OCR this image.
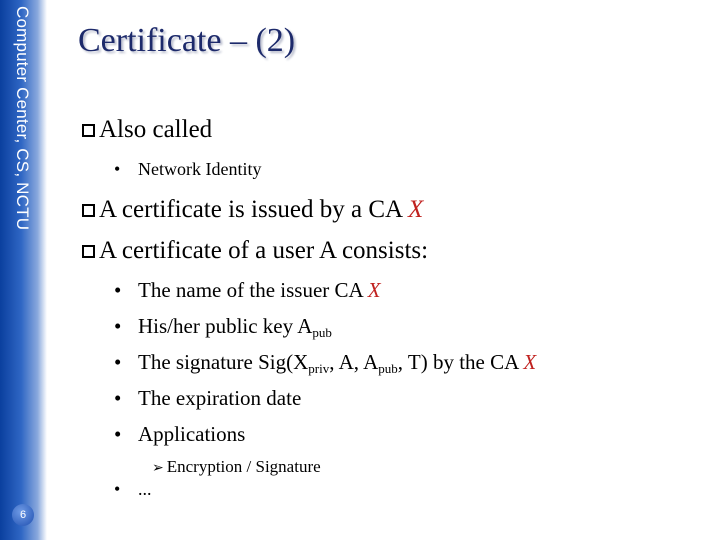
Computer Center, CS, NCTU
6
Certificate – (2)
Also called
• Network Identity
A certificate is issued by a CA X
A certificate of a user A consists:
• The name of the issuer CA X
• His/her public key $A_{pub}$
• The signature $Sig(X_{priv}$, A, $A_{pub}$, T) by the CA X
• The expiration date
• Applications
➢ Encryption / Signature
• ...
